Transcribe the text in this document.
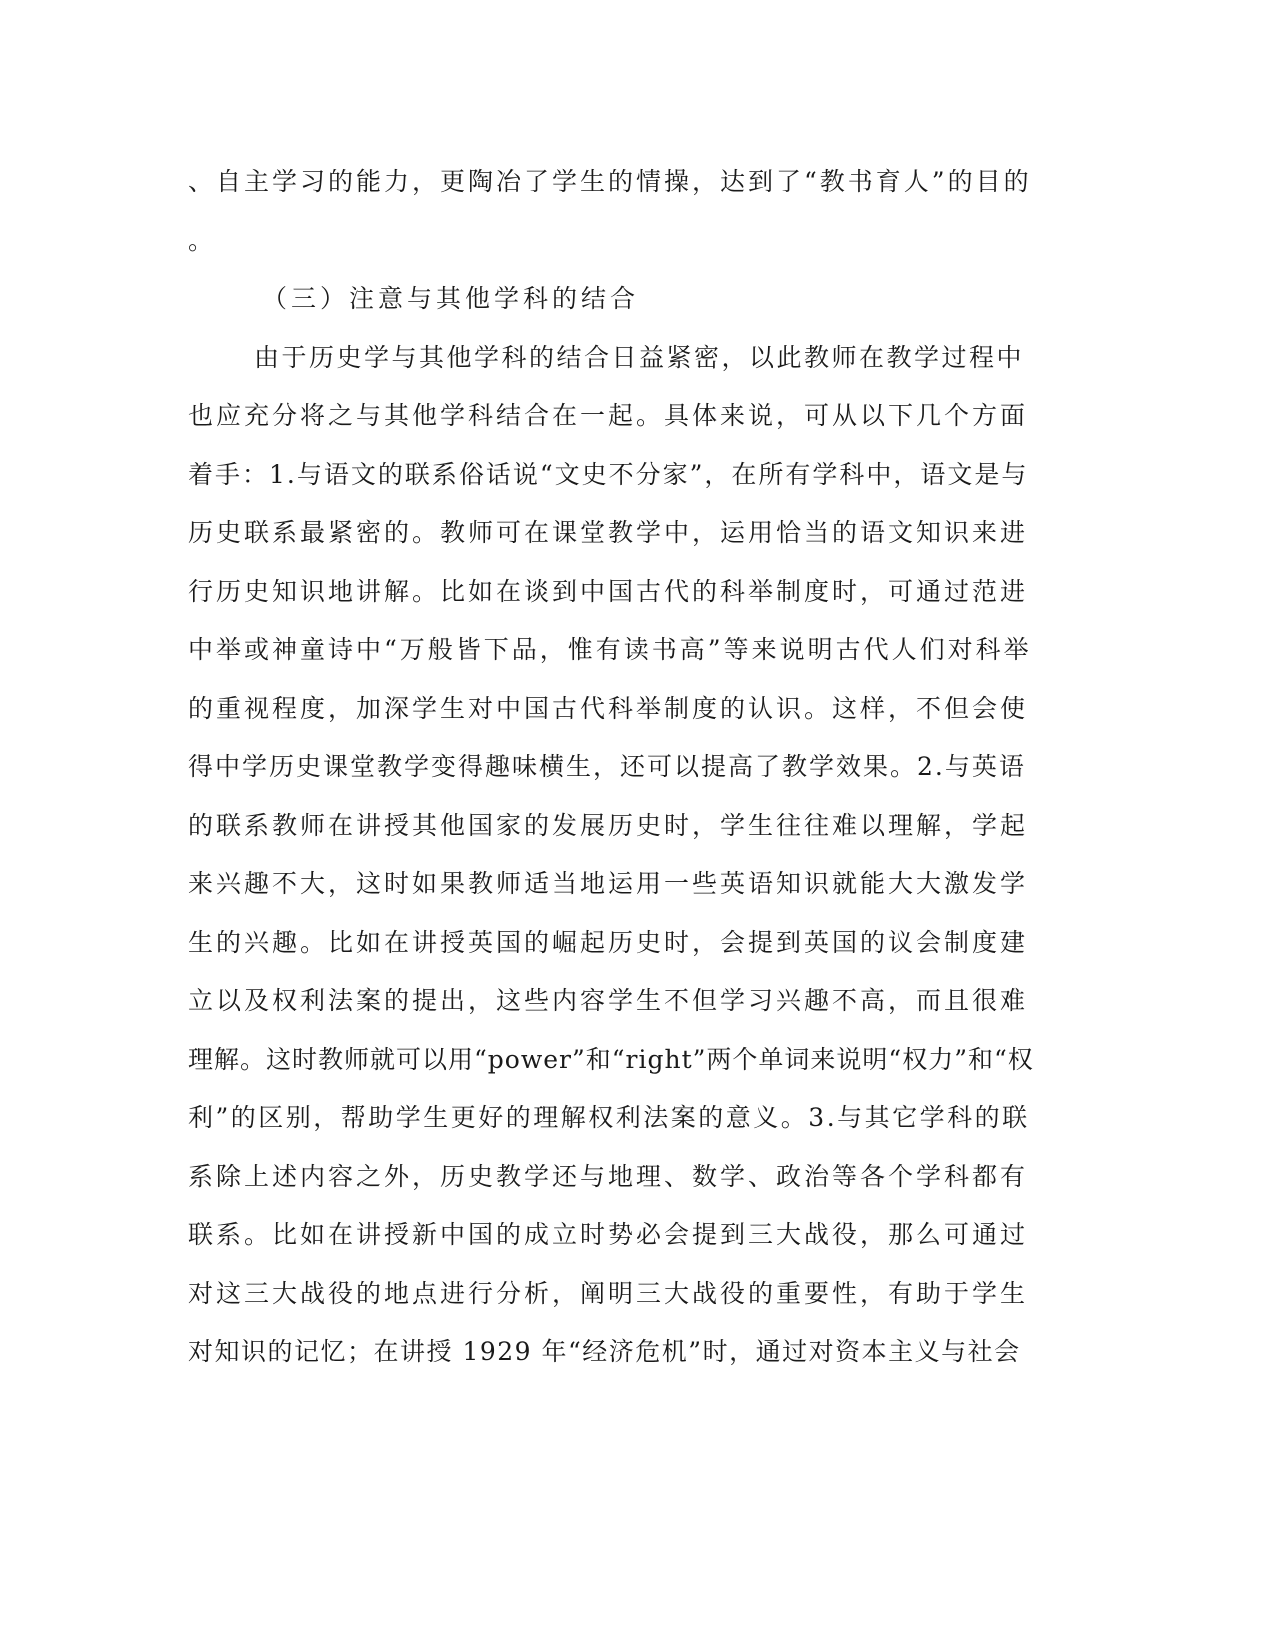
、自主学习的能力，更陶冶了学生的情操，达到了“教书育人”的目的
。
（三）注意与其他学科的结合
由于历史学与其他学科的结合日益紧密，以此教师在教学过程中
也应充分将之与其他学科结合在一起。具体来说，可从以下几个方面
着手：1.与语文的联系俗话说“文史不分家”，在所有学科中，语文是与
历史联系最紧密的。教师可在课堂教学中，运用恰当的语文知识来进
行历史知识地讲解。比如在谈到中国古代的科举制度时，可通过范进
中举或神童诗中“万般皆下品，惟有读书高”等来说明古代人们对科举
的重视程度，加深学生对中国古代科举制度的认识。这样，不但会使
得中学历史课堂教学变得趣味横生，还可以提高了教学效果。2.与英语
的联系教师在讲授其他国家的发展历史时，学生往往难以理解，学起
来兴趣不大，这时如果教师适当地运用一些英语知识就能大大激发学
生的兴趣。比如在讲授英国的崛起历史时，会提到英国的议会制度建
立以及权利法案的提出，这些内容学生不但学习兴趣不高，而且很难
理解。这时教师就可以用“power”和“right”两个单词来说明“权力”和“权
利”的区别，帮助学生更好的理解权利法案的意义。3.与其它学科的联
系除上述内容之外，历史教学还与地理、数学、政治等各个学科都有
联系。比如在讲授新中国的成立时势必会提到三大战役，那么可通过
对这三大战役的地点进行分析，阐明三大战役的重要性，有助于学生
对知识的记忆；在讲授 1929 年“经济危机”时，通过对资本主义与社会
